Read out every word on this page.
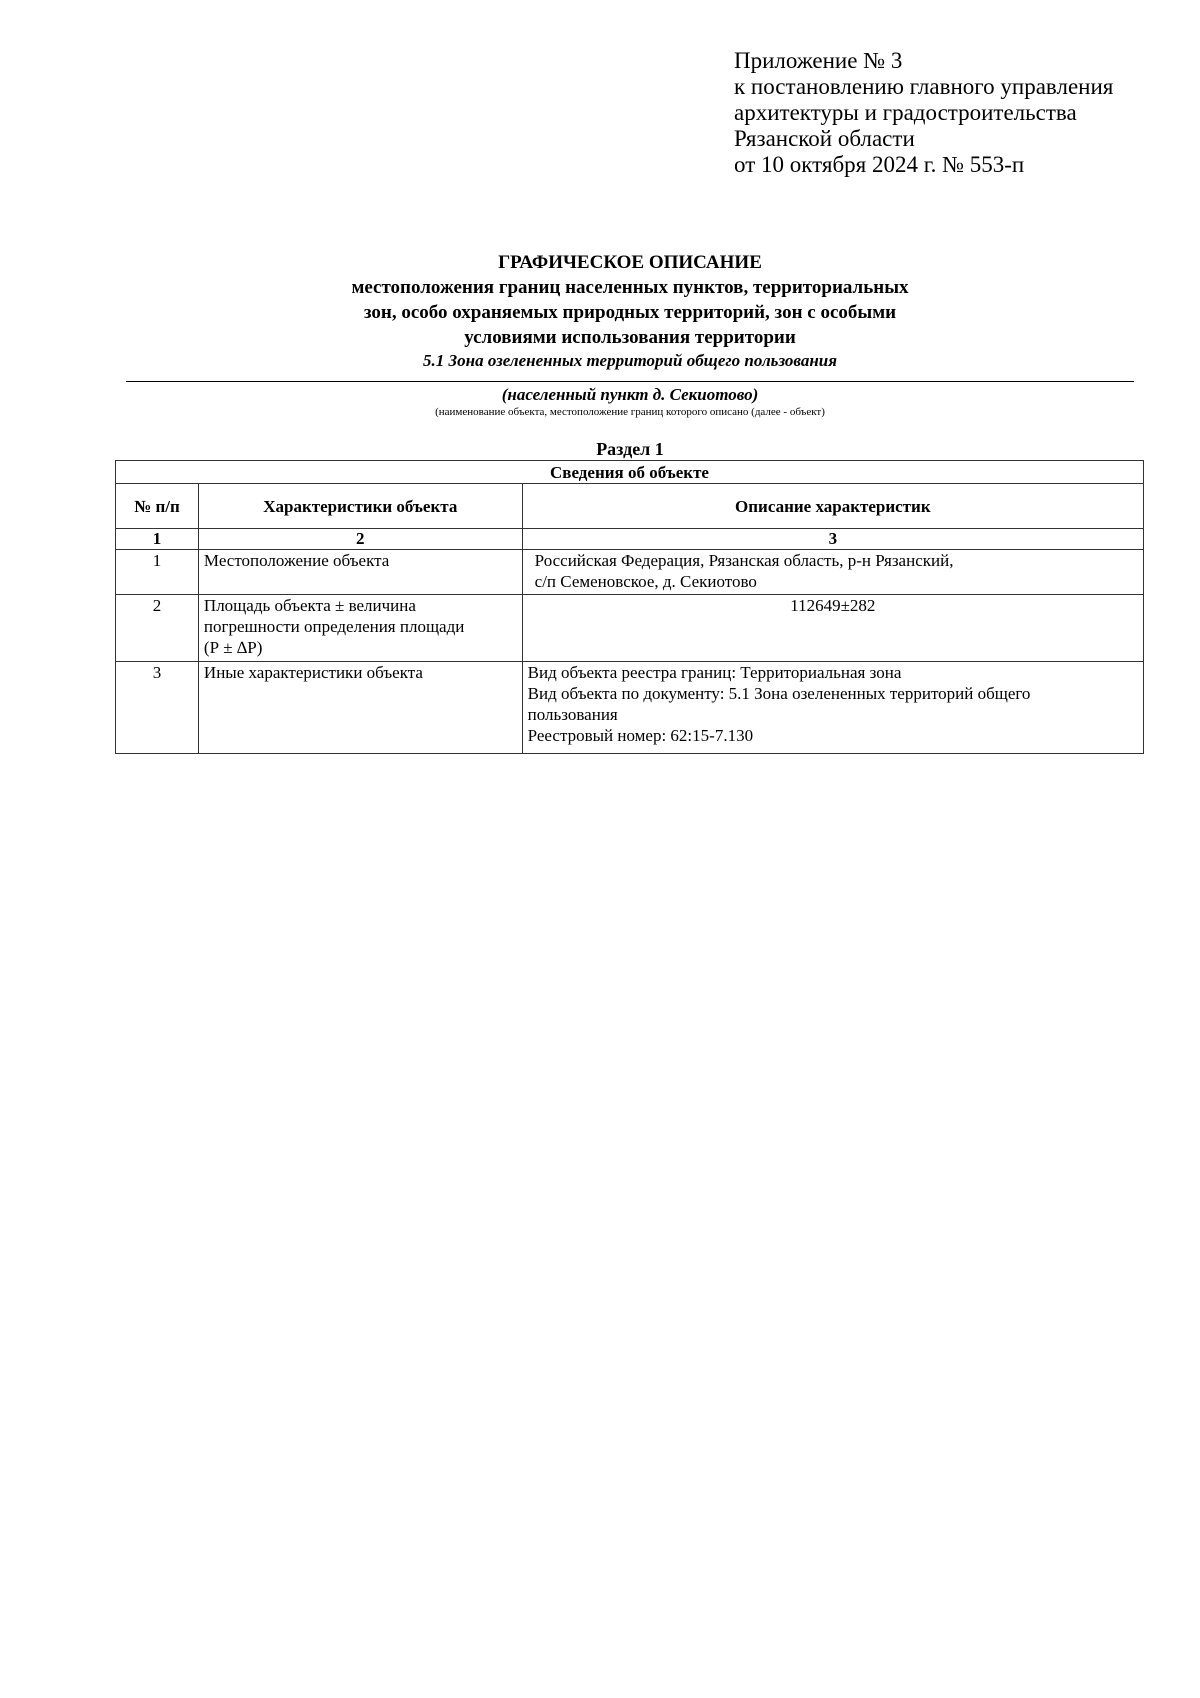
Приложение № 3
к постановлению главного управления
архитектуры и градостроительства
Рязанской области
от 10 октября 2024 г. № 553-п
ГРАФИЧЕСКОЕ ОПИСАНИЕ
местоположения границ населенных пунктов, территориальных
зон, особо охраняемых природных территорий, зон с особыми
условиями использования территории
5.1 Зона озелененных территорий общего пользования
(населенный пункт д. Секиотово)
(наименование объекта, местоположение границ которого описано (далее - объект)
Раздел 1
Сведения об объекте		
№ п/п	Характеристики объекта	Описание характеристик
1	2	3
1	Местоположение объекта	Российская Федерация, Рязанская область, р-н Рязанский,
с/п Семеновское, д. Секиотово

2	Площадь объекта ± величина
погрешности определения площади
(Р ± ∆Р)	112649±282
3	Иные характеристики объекта	Вид объекта реестра границ: Территориальная зона
Вид объекта по документу: 5.1 Зона озелененных территорий общего
пользования
Реестровый номер: 62:15-7.130
